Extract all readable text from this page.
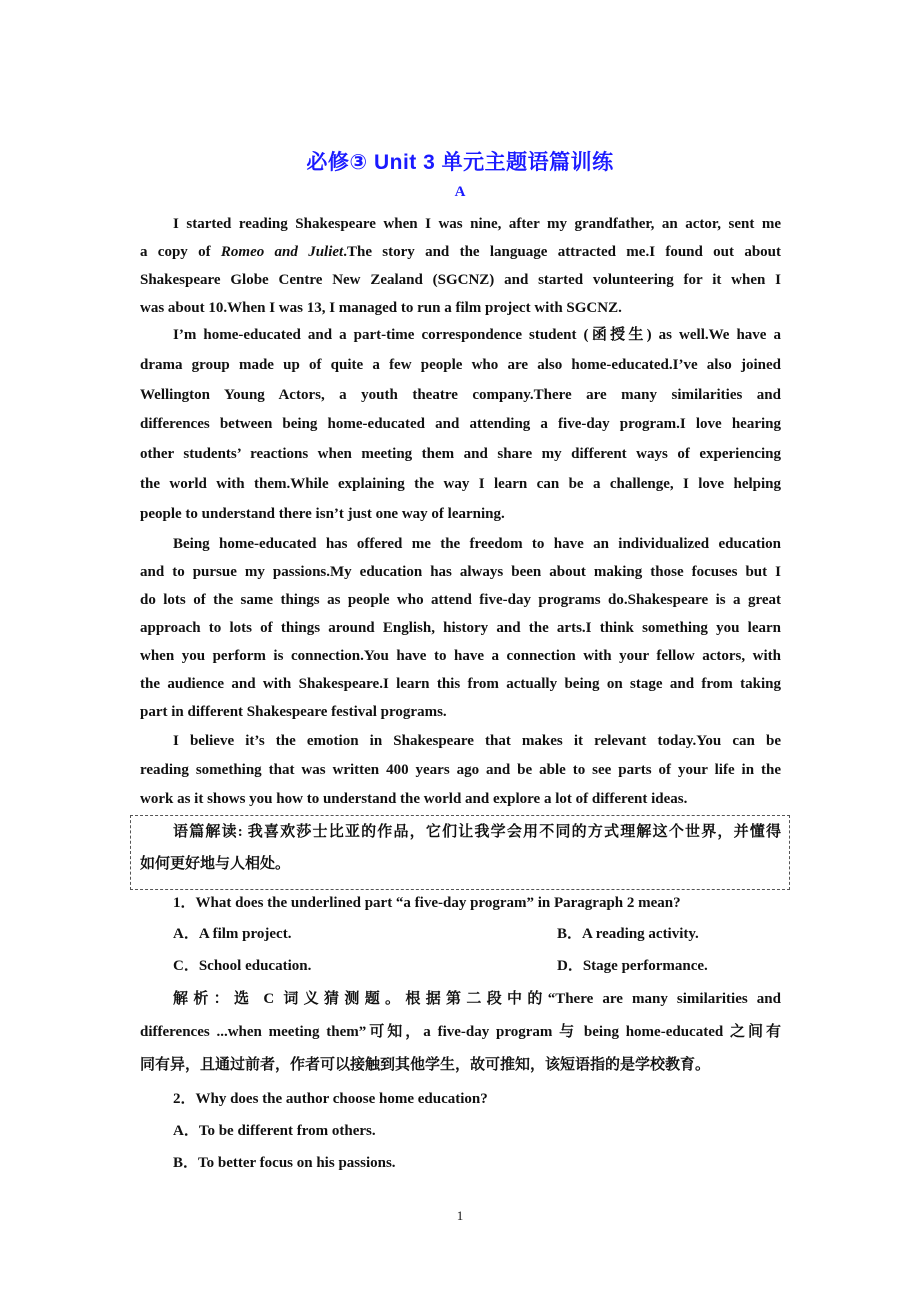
必修③ Unit 3 单元主题语篇训练
A
I started reading Shakespeare when I was nine, after my grandfather, an actor, sent me
a copy of Romeo and Juliet.The story and the language attracted me.I found out about
Shakespeare Globe Centre New Zealand (SGCNZ) and started volunteering for it when I
was about 10.When I was 13, I managed to run a film project with SGCNZ.
I’m home-educated and a part-time correspondence student (函授生) as well.We have a
drama group made up of quite a few people who are also home-educated.I’ve also joined
Wellington Young Actors, a youth theatre company.There are many similarities and
differences between being home-educated and attending a five-day program.I love hearing
other students’ reactions when meeting them and share my different ways of experiencing
the world with them.While explaining the way I learn can be a challenge, I love helping
people to understand there isn’t just one way of learning.
Being home-educated has offered me the freedom to have an individualized education
and to pursue my passions.My education has always been about making those focuses but I
do lots of the same things as people who attend five-day programs do.Shakespeare is a great
approach to lots of things around English, history and the arts.I think something you learn
when you perform is connection.You have to have a connection with your fellow actors, with
the audience and with Shakespeare.I learn this from actually being on stage and from taking
part in different Shakespeare festival programs.
I believe it’s the emotion in Shakespeare that makes it relevant today.You can be
reading something that was written 400 years ago and be able to see parts of your life in the
work as it shows you how to understand the world and explore a lot of different ideas.
语篇解读: 我喜欢莎士比亚的作品，它们让我学会用不同的方式理解这个世界，并懂得
如何更好地与人相处。
1．What does the underlined part “a five-day program” in Paragraph 2 mean?
A．A film project.	B．A reading activity.
C．School education.	D．Stage performance.
解析：选 C 词义猜测题。根据第二段中的“There are many similarities and
differences ...when meeting them”可知，a five-day program 与 being home-educated 之间有
同有异，且通过前者，作者可以接触到其他学生，故可推知，该短语指的是学校教育。
2．Why does the author choose home education?
A．To be different from others.
B．To better focus on his passions.
1
